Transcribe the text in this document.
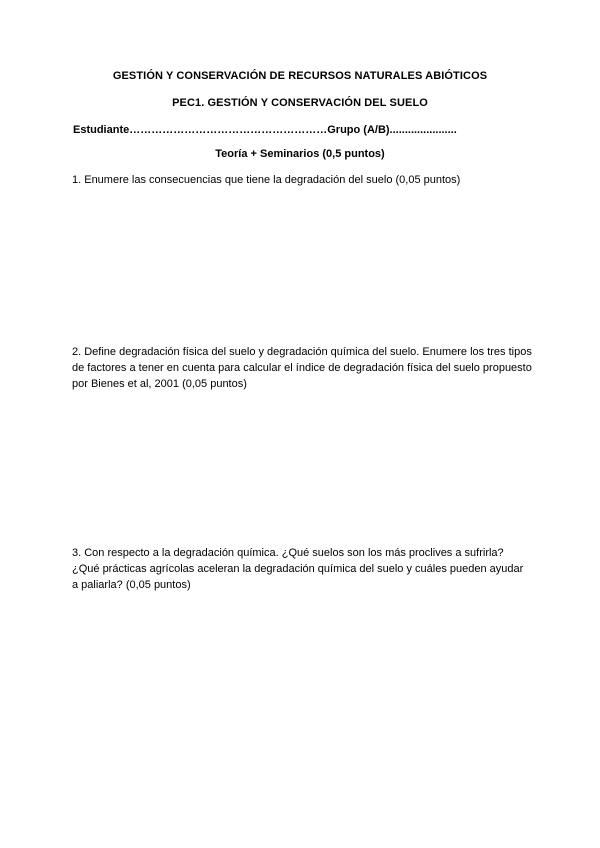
GESTIÓN Y CONSERVACIÓN DE RECURSOS NATURALES ABIÓTICOS
PEC1. GESTIÓN Y CONSERVACIÓN DEL SUELO
Estudiante………………………………………………Grupo (A/B)......................
Teoría + Seminarios (0,5 puntos)
1. Enumere las consecuencias que tiene la degradación del suelo (0,05 puntos)
2. Define degradación física del suelo y degradación química del suelo. Enumere los tres tipos de factores a tener en cuenta para calcular el índice de degradación física del suelo propuesto por Bienes et al, 2001 (0,05 puntos)
3. Con respecto a la degradación química. ¿Qué suelos son los más proclives a sufrirla? ¿Qué prácticas agrícolas aceleran la degradación química del suelo y cuáles pueden ayudar a paliarla? (0,05 puntos)
